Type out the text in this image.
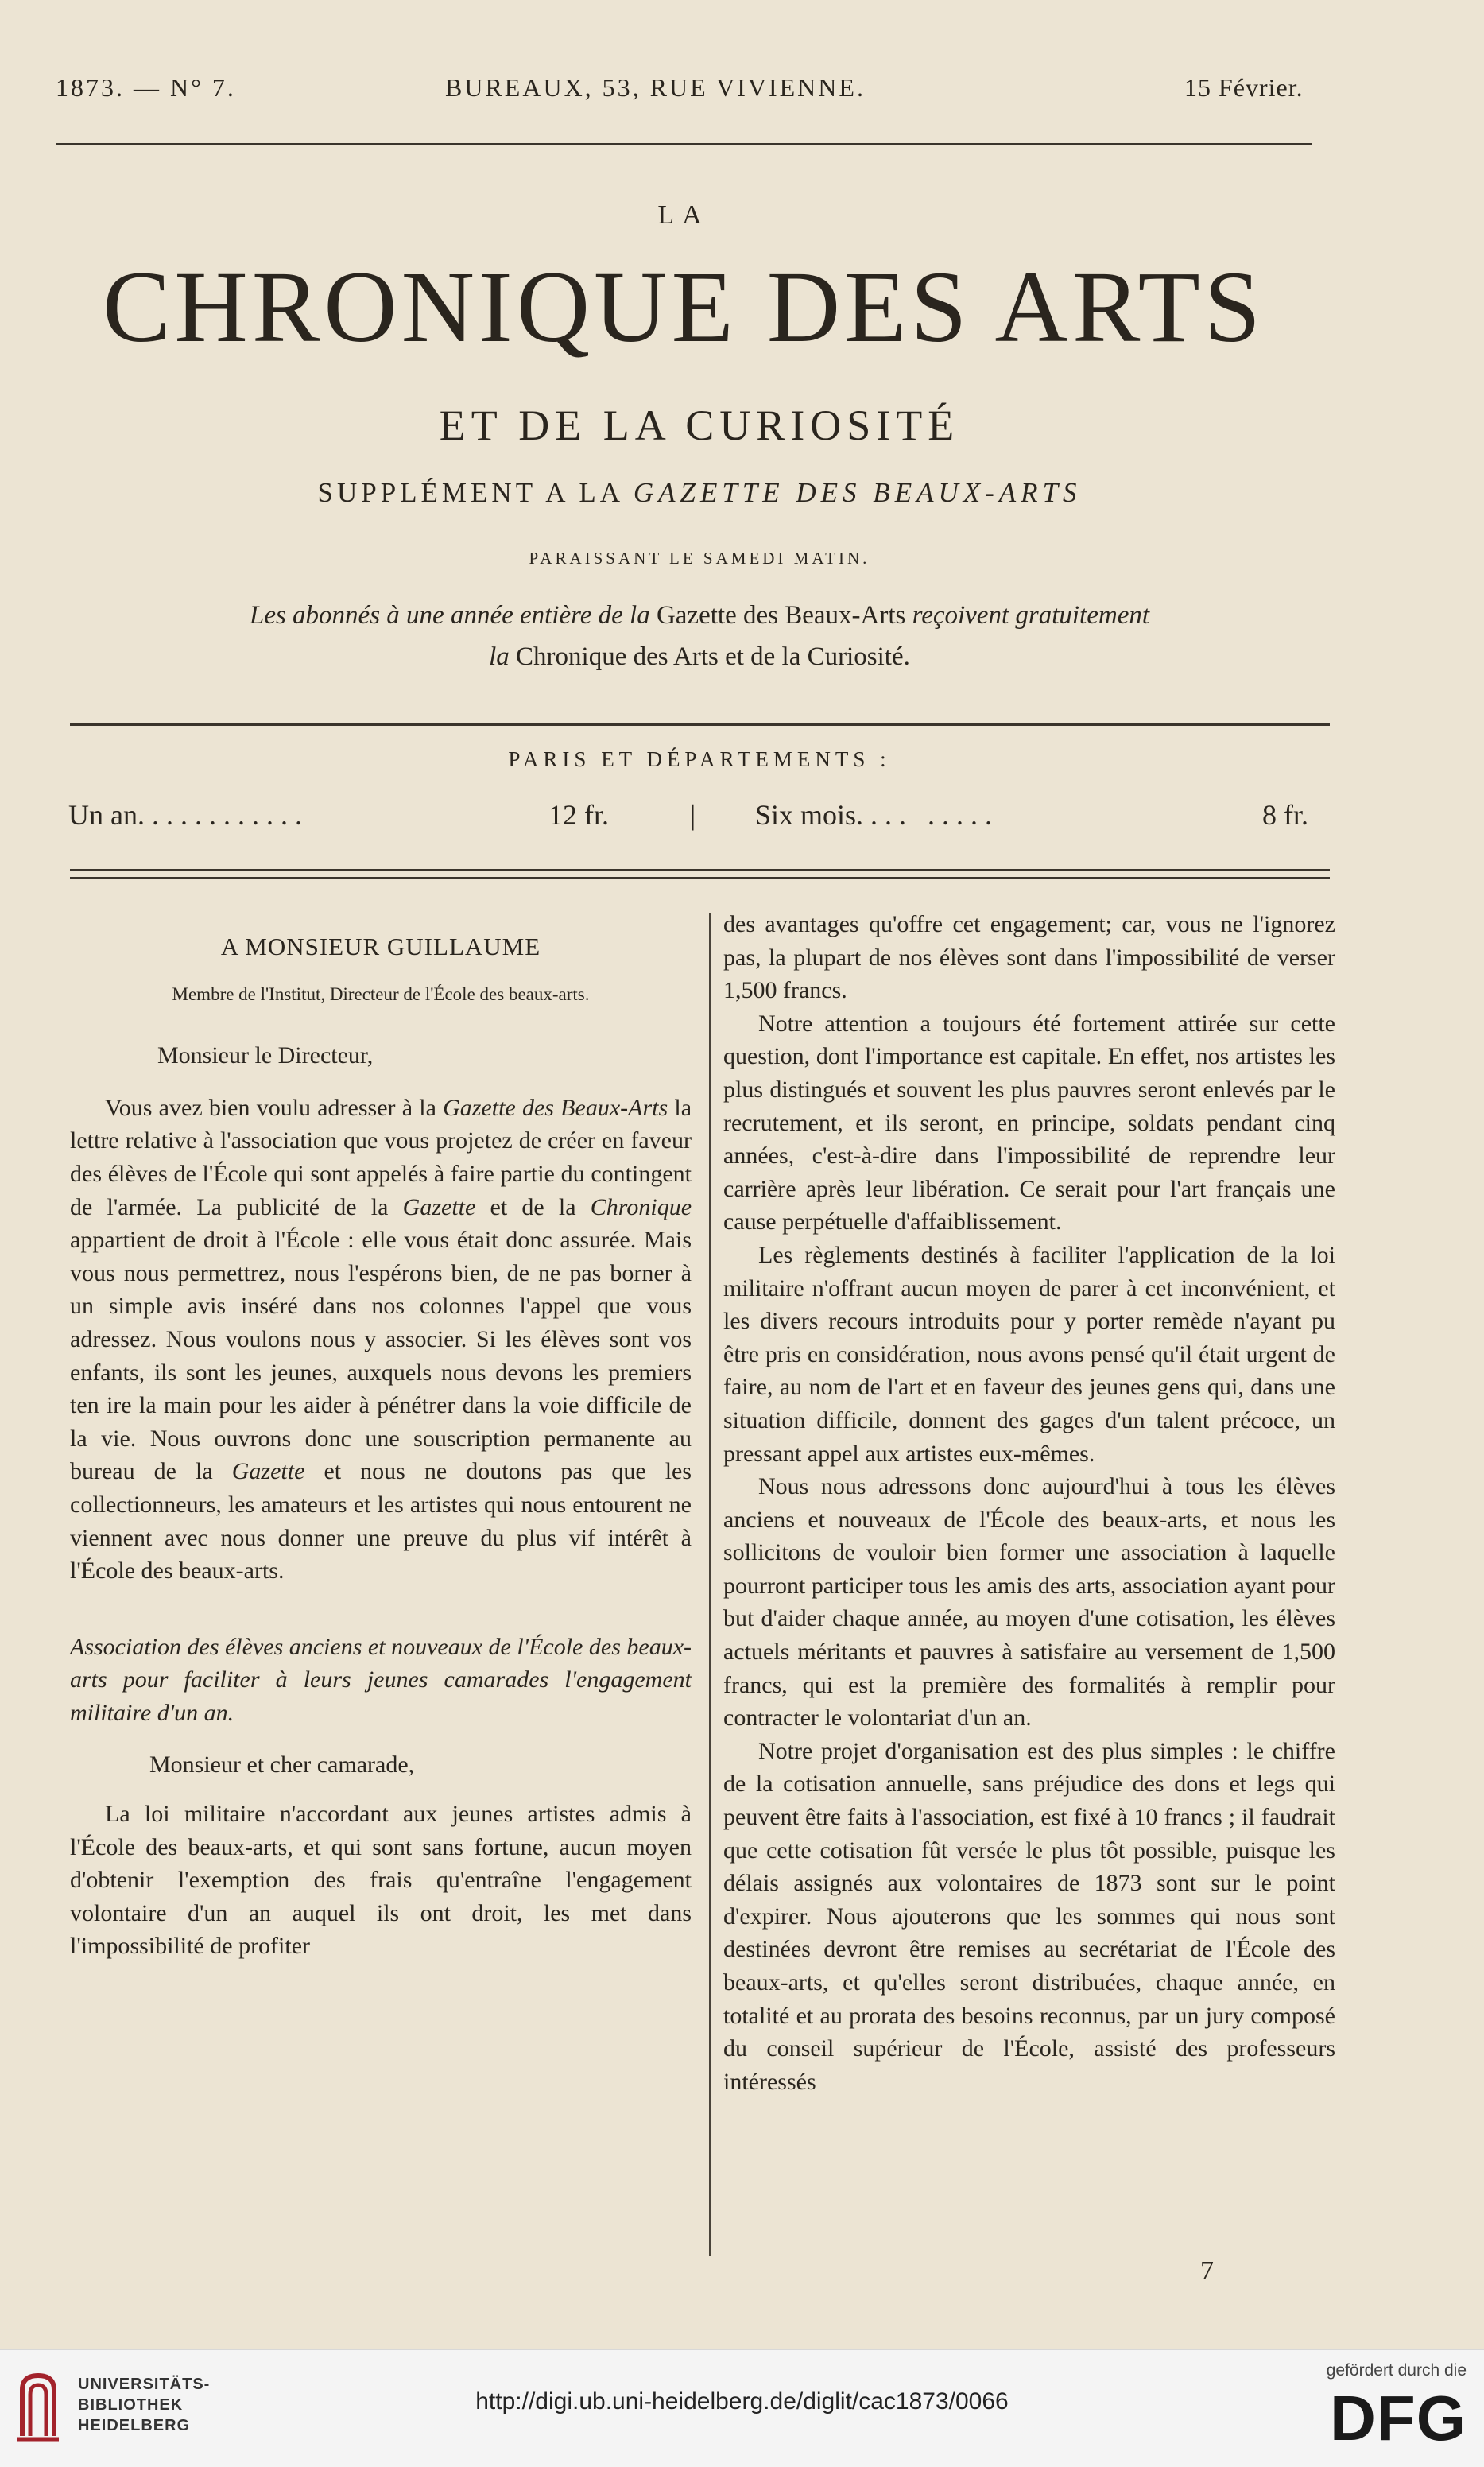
1873. — N° 7.	BUREAUX, 53, RUE VIVIENNE.	15 Février.
LA
CHRONIQUE DES ARTS
ET DE LA CURIOSITÉ
SUPPLÉMENT A LA GAZETTE DES BEAUX-ARTS
PARAISSANT LE SAMEDI MATIN.
Les abonnés à une année entière de la Gazette des Beaux-Arts reçoivent gratuitement
la Chronique des Arts et de la Curiosité.
PARIS ET DÉPARTEMENTS :
Un an. . . . . . . . . . . .	12 fr.	| Six mois. . . .   . . . . .	8 fr.
A MONSIEUR GUILLAUME
Membre de l'Institut, Directeur de l'École des beaux-arts.

Monsieur le Directeur,

Vous avez bien voulu adresser à la Gazette des Beaux-Arts la lettre relative à l'association que vous projetez de créer en faveur des élèves de l'École qui sont appelés à faire partie du contingent de l'armée. La publicité de la Gazette et de la Chronique appartient de droit à l'École : elle vous était donc assurée. Mais vous nous permettrez, nous l'espérons bien, de ne pas borner à un simple avis inséré dans nos colonnes l'appel que vous adressez. Nous voulons nous y associer. Si les élèves sont vos enfants, ils sont les jeunes, auxquels nous devons les premiers ten ire la main pour les aider à pénétrer dans la voie difficile de la vie. Nous ouvrons donc une souscription permanente au bureau de la Gazette et nous ne doutons pas que les collectionneurs, les amateurs et les artistes qui nous entourent ne viennent avec nous donner une preuve du plus vif intérêt à l'École des beaux-arts.

Association des élèves anciens et nouveaux de l'École des beaux-arts pour faciliter à leurs jeunes camarades l'engagement militaire d'un an.

Monsieur et cher camarade,

La loi militaire n'accordant aux jeunes artistes admis à l'École des beaux-arts, et qui sont sans fortune, aucun moyen d'obtenir l'exemption des frais qu'entraîne l'engagement volontaire d'un an auquel ils ont droit, les met dans l'impossibilité de profiter

des avantages qu'offre cet engagement; car, vous ne l'ignorez pas, la plupart de nos élèves sont dans l'impossibilité de verser 1,500 francs.

Notre attention a toujours été fortement attirée sur cette question, dont l'importance est capitale. En effet, nos artistes les plus distingués et souvent les plus pauvres seront enlevés par le recrutement, et ils seront, en principe, soldats pendant cinq années, c'est-à-dire dans l'impossibilité de reprendre leur carrière après leur libération. Ce serait pour l'art français une cause perpétuelle d'affaiblissement.

Les règlements destinés à faciliter l'application de la loi militaire n'offrant aucun moyen de parer à cet inconvénient, et les divers recours introduits pour y porter remède n'ayant pu être pris en considération, nous avons pensé qu'il était urgent de faire, au nom de l'art et en faveur des jeunes gens qui, dans une situation difficile, donnent des gages d'un talent précoce, un pressant appel aux artistes eux-mêmes.

Nous nous adressons donc aujourd'hui à tous les élèves anciens et nouveaux de l'École des beaux-arts, et nous les sollicitons de vouloir bien former une association à laquelle pourront participer tous les amis des arts, association ayant pour but d'aider chaque année, au moyen d'une cotisation, les élèves actuels méritants et pauvres à satisfaire au versement de 1,500 francs, qui est la première des formalités à remplir pour contracter le volontariat d'un an.

Notre projet d'organisation est des plus simples : le chiffre de la cotisation annuelle, sans préjudice des dons et legs qui peuvent être faits à l'association, est fixé à 10 francs ; il faudrait que cette cotisation fût versée le plus tôt possible, puisque les délais assignés aux volontaires de 1873 sont sur le point d'expirer. Nous ajouterons que les sommes qui nous sont destinées devront être remises au secrétariat de l'École des beaux-arts, et qu'elles seront distribuées, chaque année, en totalité et au prorata des besoins reconnus, par un jury composé du conseil supérieur de l'École, assisté des professeurs intéressés

7
UNIVERSITÄTS-
BIBLIOTHEK
HEIDELBERG
http://digi.ub.uni-heidelberg.de/diglit/cac1873/0066
gefördert durch die
DFG
